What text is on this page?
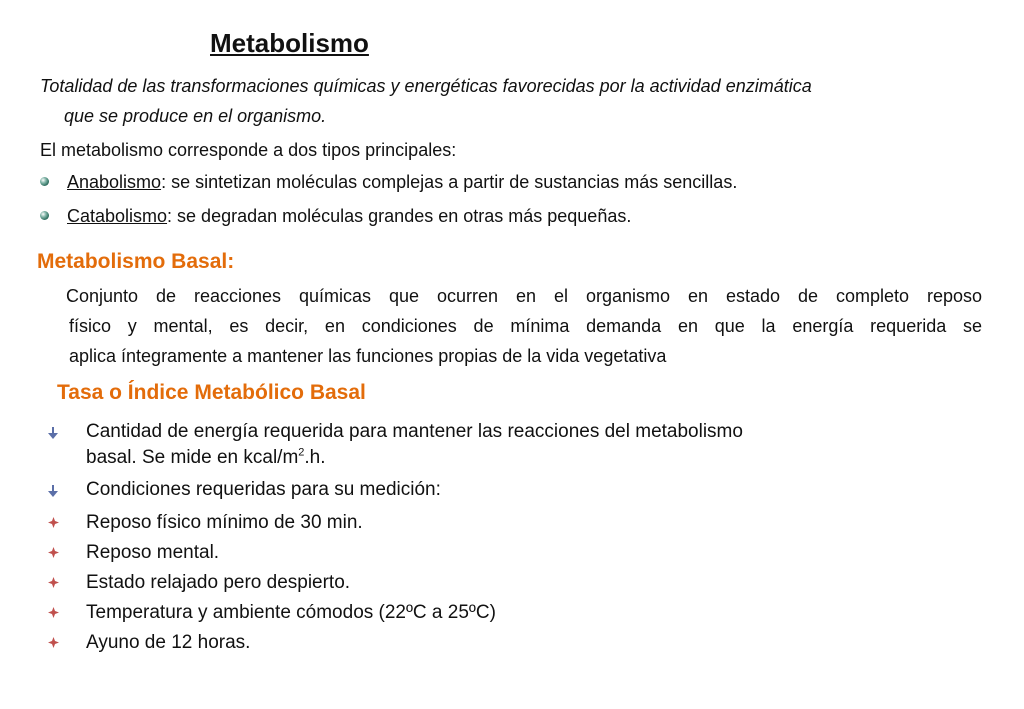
Metabolismo
Totalidad de las transformaciones químicas y energéticas favorecidas por la actividad enzimática
que se produce en el organismo.
El metabolismo corresponde a dos tipos principales:
Anabolismo: se sintetizan moléculas complejas a partir de sustancias más sencillas.
Catabolismo: se degradan moléculas grandes en otras más pequeñas.
Metabolismo Basal:
Conjunto de reacciones químicas que ocurren en el organismo en estado de completo reposo
físico y mental, es decir, en condiciones de mínima demanda en que la energía requerida se
aplica íntegramente a mantener las funciones propias de la vida vegetativa
Tasa o Índice Metabólico Basal
Cantidad de energía requerida para mantener las reacciones del metabolismo
basal. Se mide en kcal/$m^2.h$.
Condiciones requeridas para su medición:
Reposo físico mínimo de 30 min.
Reposo mental.
Estado relajado pero despierto.
Temperatura y ambiente cómodos (22ºC a 25ºC)
Ayuno de 12 horas.
